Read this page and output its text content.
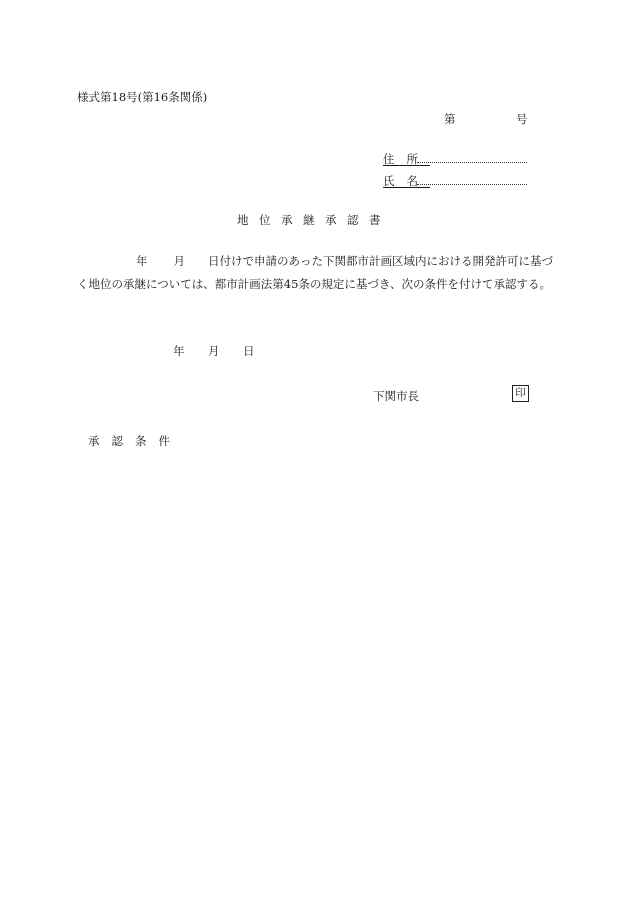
様式第18号(第16条関係)
第	号
住所
氏名
地位承継承認書
年 月 日付けで申請のあった下関都市計画区域内における開発許可に基づく地位の承継については、都市計画法第45条の規定に基づき、次の条件を付けて承認する。
年 月 日
下関市長	印
承認条件
